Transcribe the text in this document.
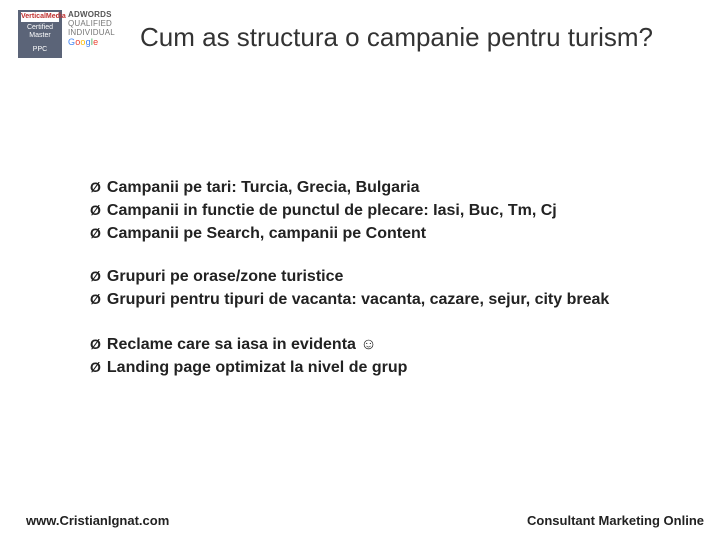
VerticalMedia
Certified
Master
PPC
ADWORDS
QUALIFIED
INDIVIDUAL
Google	Cum as structura o campanie pentru turism?
Ø Campanii pe tari: Turcia, Grecia, Bulgaria
Ø Campanii in functie de punctul de plecare: Iasi, Buc, Tm, Cj
Ø Campanii pe Search, campanii pe Content
Ø Grupuri pe orase/zone turistice
Ø Grupuri pentru tipuri de vacanta: vacanta, cazare, sejur, city break
Ø Reclame care sa iasa in evidenta ☺
Ø Landing page optimizat la nivel de grup
www.CristianIgnat.com	Consultant Marketing Online
